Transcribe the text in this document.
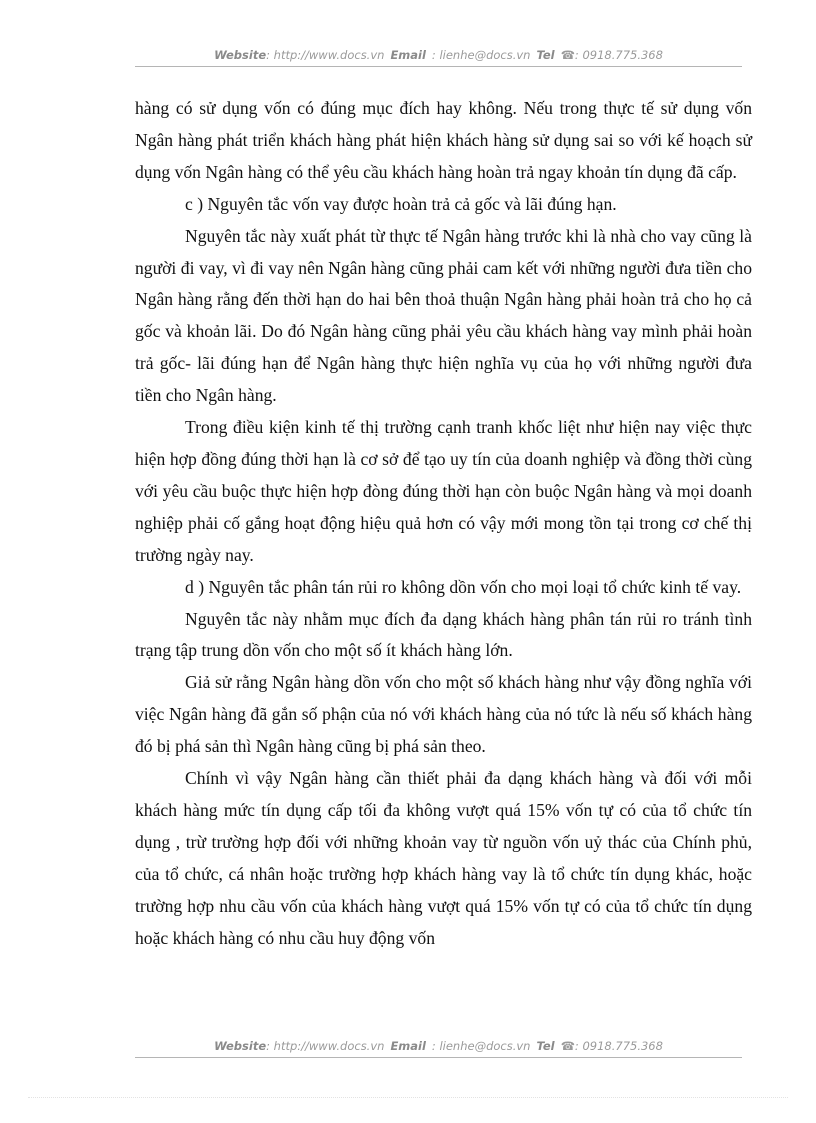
Website: http://www.docs.vn Email : lienhe@docs.vn Tel ☎: 0918.775.368

hàng có sử dụng vốn có đúng mục đích hay không. Nếu trong thực tế sử dụng vốn Ngân hàng phát triển khách hàng phát hiện khách hàng sử dụng sai so với kế hoạch sử dụng vốn Ngân hàng có thể yêu cầu khách hàng hoàn trả ngay khoản tín dụng đã cấp.

c ) Nguyên tắc vốn vay được hoàn trả cả gốc và lãi đúng hạn.

Nguyên tắc này xuất phát từ thực tế Ngân hàng trước khi là nhà cho vay cũng là người đi vay, vì đi vay nên Ngân hàng cũng phải cam kết với những người đưa tiền cho Ngân hàng rằng đến thời hạn do hai bên thoả thuận Ngân hàng phải hoàn trả cho họ cả gốc và khoản lãi. Do đó Ngân hàng cũng phải yêu cầu khách hàng vay mình phải hoàn trả gốc- lãi đúng hạn để Ngân hàng thực hiện nghĩa vụ của họ với những người đưa tiền cho Ngân hàng.

Trong điều kiện kinh tế thị trường cạnh tranh khốc liệt như hiện nay việc thực hiện hợp đồng đúng thời hạn là cơ sở để tạo uy tín của doanh nghiệp và đồng thời cùng với yêu cầu buộc thực hiện hợp đòng đúng thời hạn còn buộc Ngân hàng và mọi doanh nghiệp phải cố gắng hoạt động hiệu quả hơn có vậy mới mong tồn tại trong cơ chế thị trường ngày nay.

d ) Nguyên tắc phân tán rủi ro không dồn vốn cho mọi loại tổ chức kinh tế vay.

Nguyên tắc này nhằm mục đích đa dạng khách hàng phân tán rủi ro tránh tình trạng tập trung dồn vốn cho một số ít khách hàng lớn.

Giả sử rằng Ngân hàng dồn vốn cho một số khách hàng như vậy đồng nghĩa với việc Ngân hàng đã gắn số phận của nó với khách hàng của nó tức là nếu số khách hàng đó bị phá sản thì Ngân hàng cũng bị phá sản theo.

Chính vì vậy Ngân hàng cần thiết phải đa dạng khách hàng và đối với mỗi khách hàng mức tín dụng cấp tối đa không vượt quá 15% vốn tự có của tổ chức tín dụng , trừ trường hợp đối với những khoản vay từ nguồn vốn uỷ thác của Chính phủ, của tổ chức, cá nhân hoặc trường hợp khách hàng vay là tổ chức tín dụng khác, hoặc trường hợp nhu cầu vốn của khách hàng vượt quá 15% vốn tự có của tổ chức tín dụng hoặc khách hàng có nhu cầu huy động vốn

Website: http://www.docs.vn Email : lienhe@docs.vn Tel ☎: 0918.775.368
